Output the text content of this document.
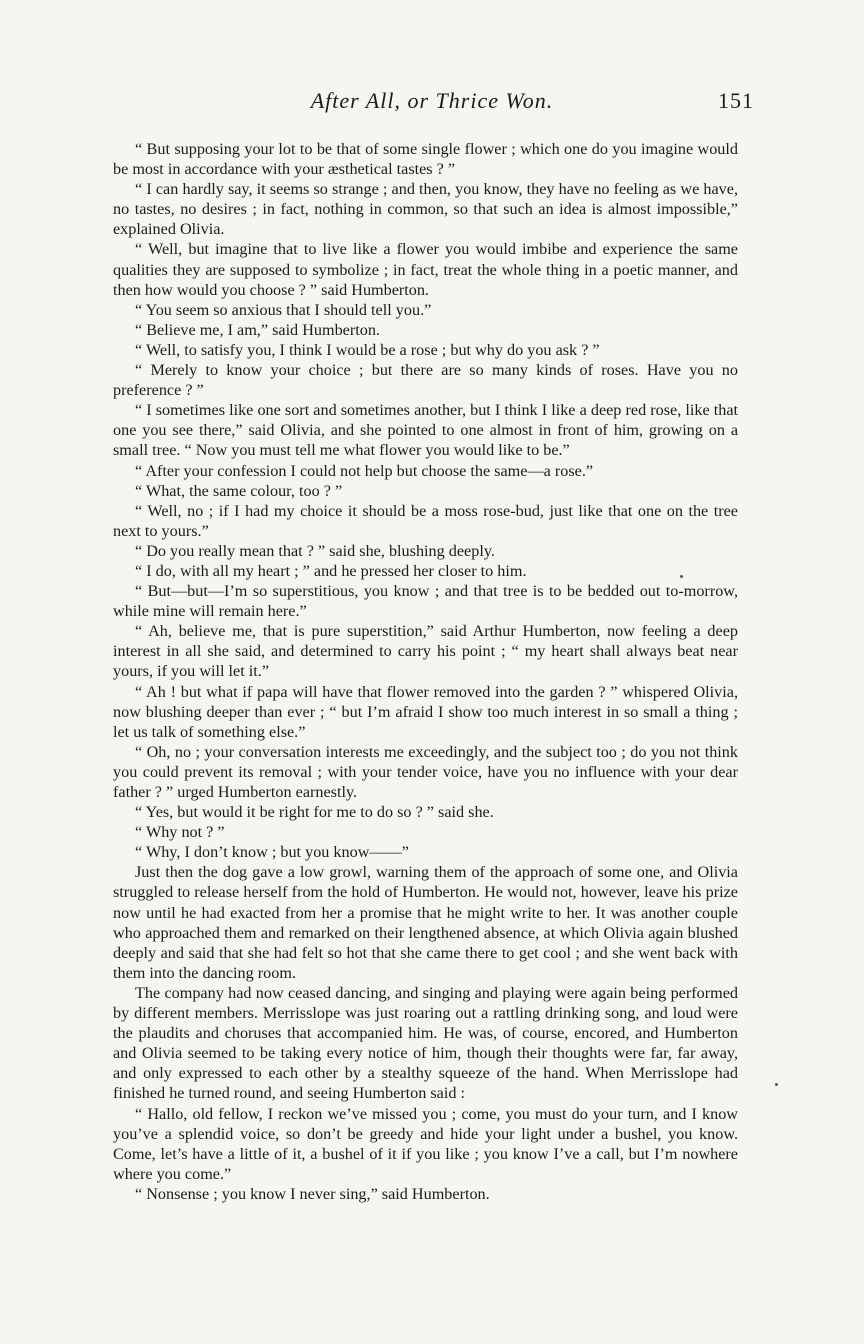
After All, or Thrice Won.	151

“ But supposing your lot to be that of some single flower ; which one do you imagine would be most in accordance with your æsthetical tastes ? ”

“ I can hardly say, it seems so strange ; and then, you know, they have no feeling as we have, no tastes, no desires ; in fact, nothing in common, so that such an idea is almost impossible,” explained Olivia.

“ Well, but imagine that to live like a flower you would imbibe and experience the same qualities they are supposed to symbolize ; in fact, treat the whole thing in a poetic manner, and then how would you choose ? ” said Humberton.

“ You seem so anxious that I should tell you.”

“ Believe me, I am,” said Humberton.

“ Well, to satisfy you, I think I would be a rose ; but why do you ask ? ”

“ Merely to know your choice ; but there are so many kinds of roses. Have you no preference ? ”

“ I sometimes like one sort and sometimes another, but I think I like a deep red rose, like that one you see there,” said Olivia, and she pointed to one almost in front of him, growing on a small tree. “ Now you must tell me what flower you would like to be.”

“ After your confession I could not help but choose the same—a rose.”

“ What, the same colour, too ? ”

“ Well, no ; if I had my choice it should be a moss rose-bud, just like that one on the tree next to yours.”

“ Do you really mean that ? ” said she, blushing deeply.

“ I do, with all my heart ; ” and he pressed her closer to him.

“ But—but—I’m so superstitious, you know ; and that tree is to be bedded out to-morrow, while mine will remain here.”

“ Ah, believe me, that is pure superstition,” said Arthur Humberton, now feeling a deep interest in all she said, and determined to carry his point ; “ my heart shall always beat near yours, if you will let it.”

“ Ah ! but what if papa will have that flower removed into the garden ? ” whispered Olivia, now blushing deeper than ever ; “ but I’m afraid I show too much interest in so small a thing ; let us talk of something else.”

“ Oh, no ; your conversation interests me exceedingly, and the subject too ; do you not think you could prevent its removal ; with your tender voice, have you no influence with your dear father ? ” urged Humberton earnestly.

“ Yes, but would it be right for me to do so ? ” said she.

“ Why not ? ”

“ Why, I don’t know ; but you know——”

Just then the dog gave a low growl, warning them of the approach of some one, and Olivia struggled to release herself from the hold of Humberton. He would not, however, leave his prize now until he had exacted from her a promise that he might write to her. It was another couple who approached them and remarked on their lengthened absence, at which Olivia again blushed deeply and said that she had felt so hot that she came there to get cool ; and she went back with them into the dancing room.

The company had now ceased dancing, and singing and playing were again being performed by different members. Merrisslope was just roaring out a rattling drinking song, and loud were the plaudits and choruses that accompanied him. He was, of course, encored, and Humberton and Olivia seemed to be taking every notice of him, though their thoughts were far, far away, and only expressed to each other by a stealthy squeeze of the hand. When Merrisslope had finished he turned round, and seeing Humberton said :

“ Hallo, old fellow, I reckon we’ve missed you ; come, you must do your turn, and I know you’ve a splendid voice, so don’t be greedy and hide your light under a bushel, you know. Come, let’s have a little of it, a bushel of it if you like ; you know I’ve a call, but I’m nowhere where you come.”

“ Nonsense ; you know I never sing,” said Humberton.
